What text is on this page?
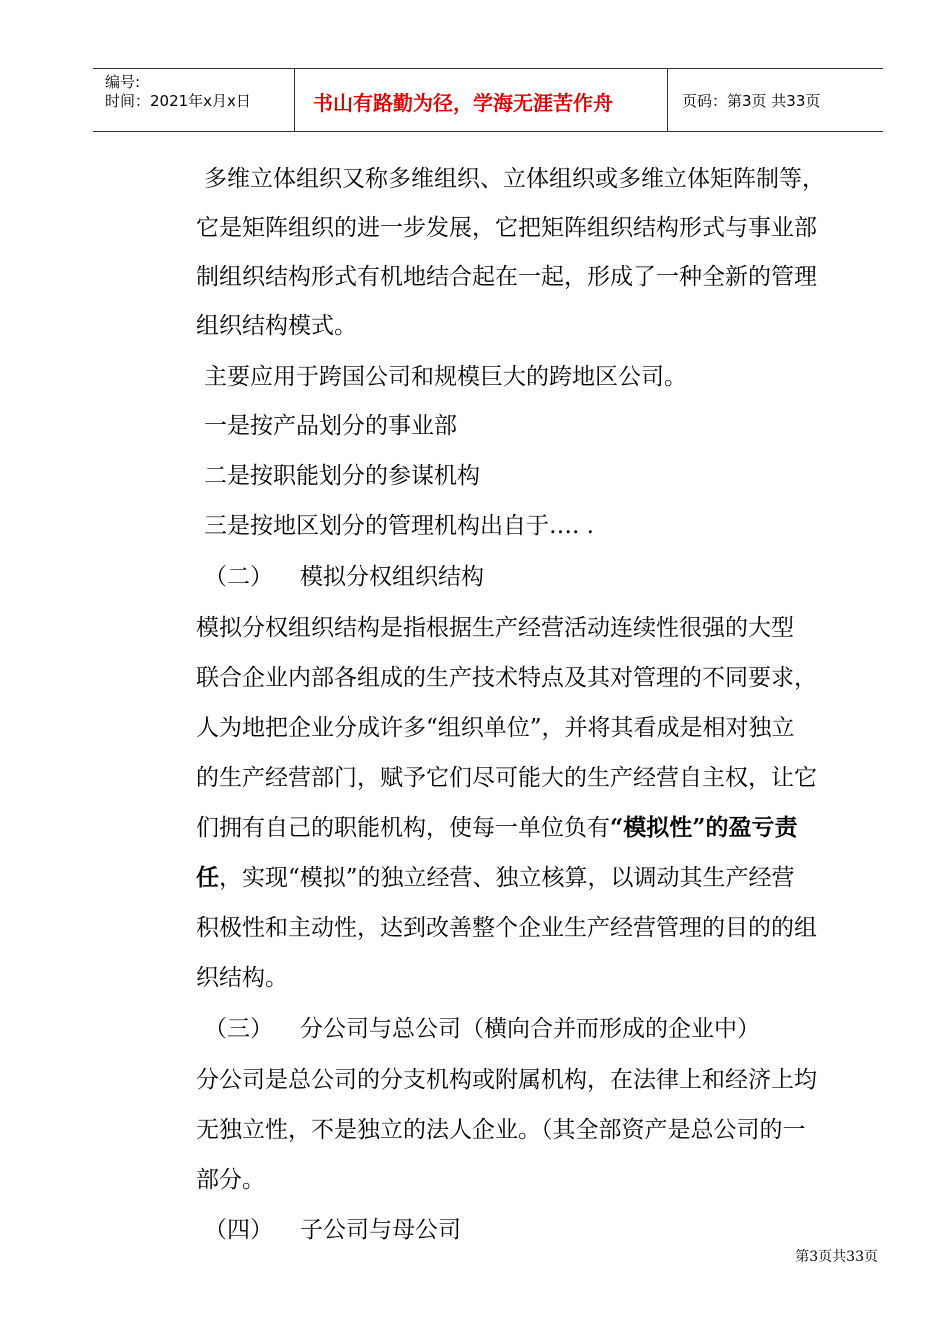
编号:
时间：2021年x月x日	书山有路勤为径，学海无涯苦作舟	页码：第3页 共33页
多维立体组织又称多维组织、立体组织或多维立体矩阵制等，
它是矩阵组织的进一步发展，它把矩阵组织结构形式与事业部
制组织结构形式有机地结合起在一起，形成了一种全新的管理
组织结构模式。
主要应用于跨国公司和规模巨大的跨地区公司。
一是按产品划分的事业部
二是按职能划分的参谋机构
三是按地区划分的管理机构出自于…. .
（二） 模拟分权组织结构
模拟分权组织结构是指根据生产经营活动连续性很强的大型
联合企业内部各组成的生产技术特点及其对管理的不同要求，
人为地把企业分成许多“组织单位”，并将其看成是相对独立
的生产经营部门，赋予它们尽可能大的生产经营自主权，让它
们拥有自己的职能机构，使每一单位负有“模拟性”的盈亏责
任，实现“模拟”的独立经营、独立核算，以调动其生产经营
积极性和主动性，达到改善整个企业生产经营管理的目的的组
织结构。
（三） 分公司与总公司（横向合并而形成的企业中）
分公司是总公司的分支机构或附属机构，在法律上和经济上均
无独立性，不是独立的法人企业。（其全部资产是总公司的一
部分。
（四） 子公司与母公司
第3页共33页
